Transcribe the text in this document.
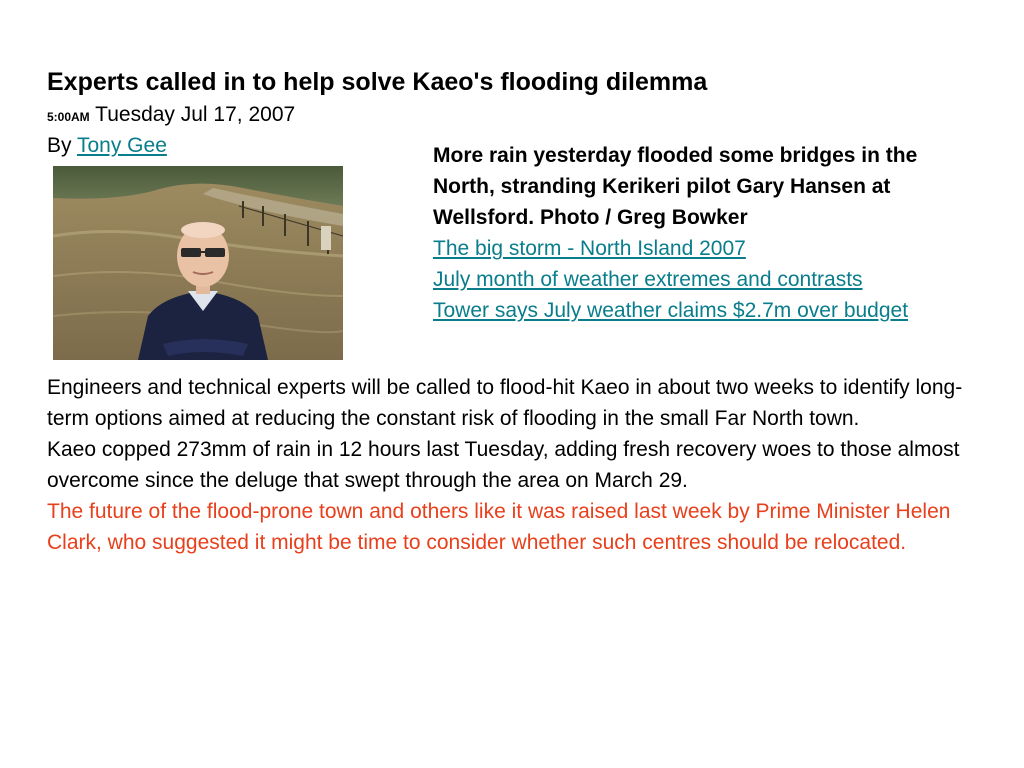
Experts called in to help solve Kaeo's flooding dilemma
5:00AM Tuesday Jul 17, 2007
By Tony Gee	More rain yesterday flooded some bridges in the North, stranding Kerikeri pilot Gary Hansen at Wellsford. Photo / Greg Bowker
The big storm - North Island 2007
July month of weather extremes and contrasts
Tower says July weather claims $2.7m over budget

Engineers and technical experts will be called to flood-hit Kaeo in about two weeks to identify long-term options aimed at reducing the constant risk of flooding in the small Far North town.

Kaeo copped 273mm of rain in 12 hours last Tuesday, adding fresh recovery woes to those almost overcome since the deluge that swept through the area on March 29.

The future of the flood-prone town and others like it was raised last week by Prime Minister Helen Clark, who suggested it might be time to consider whether such centres should be relocated.
